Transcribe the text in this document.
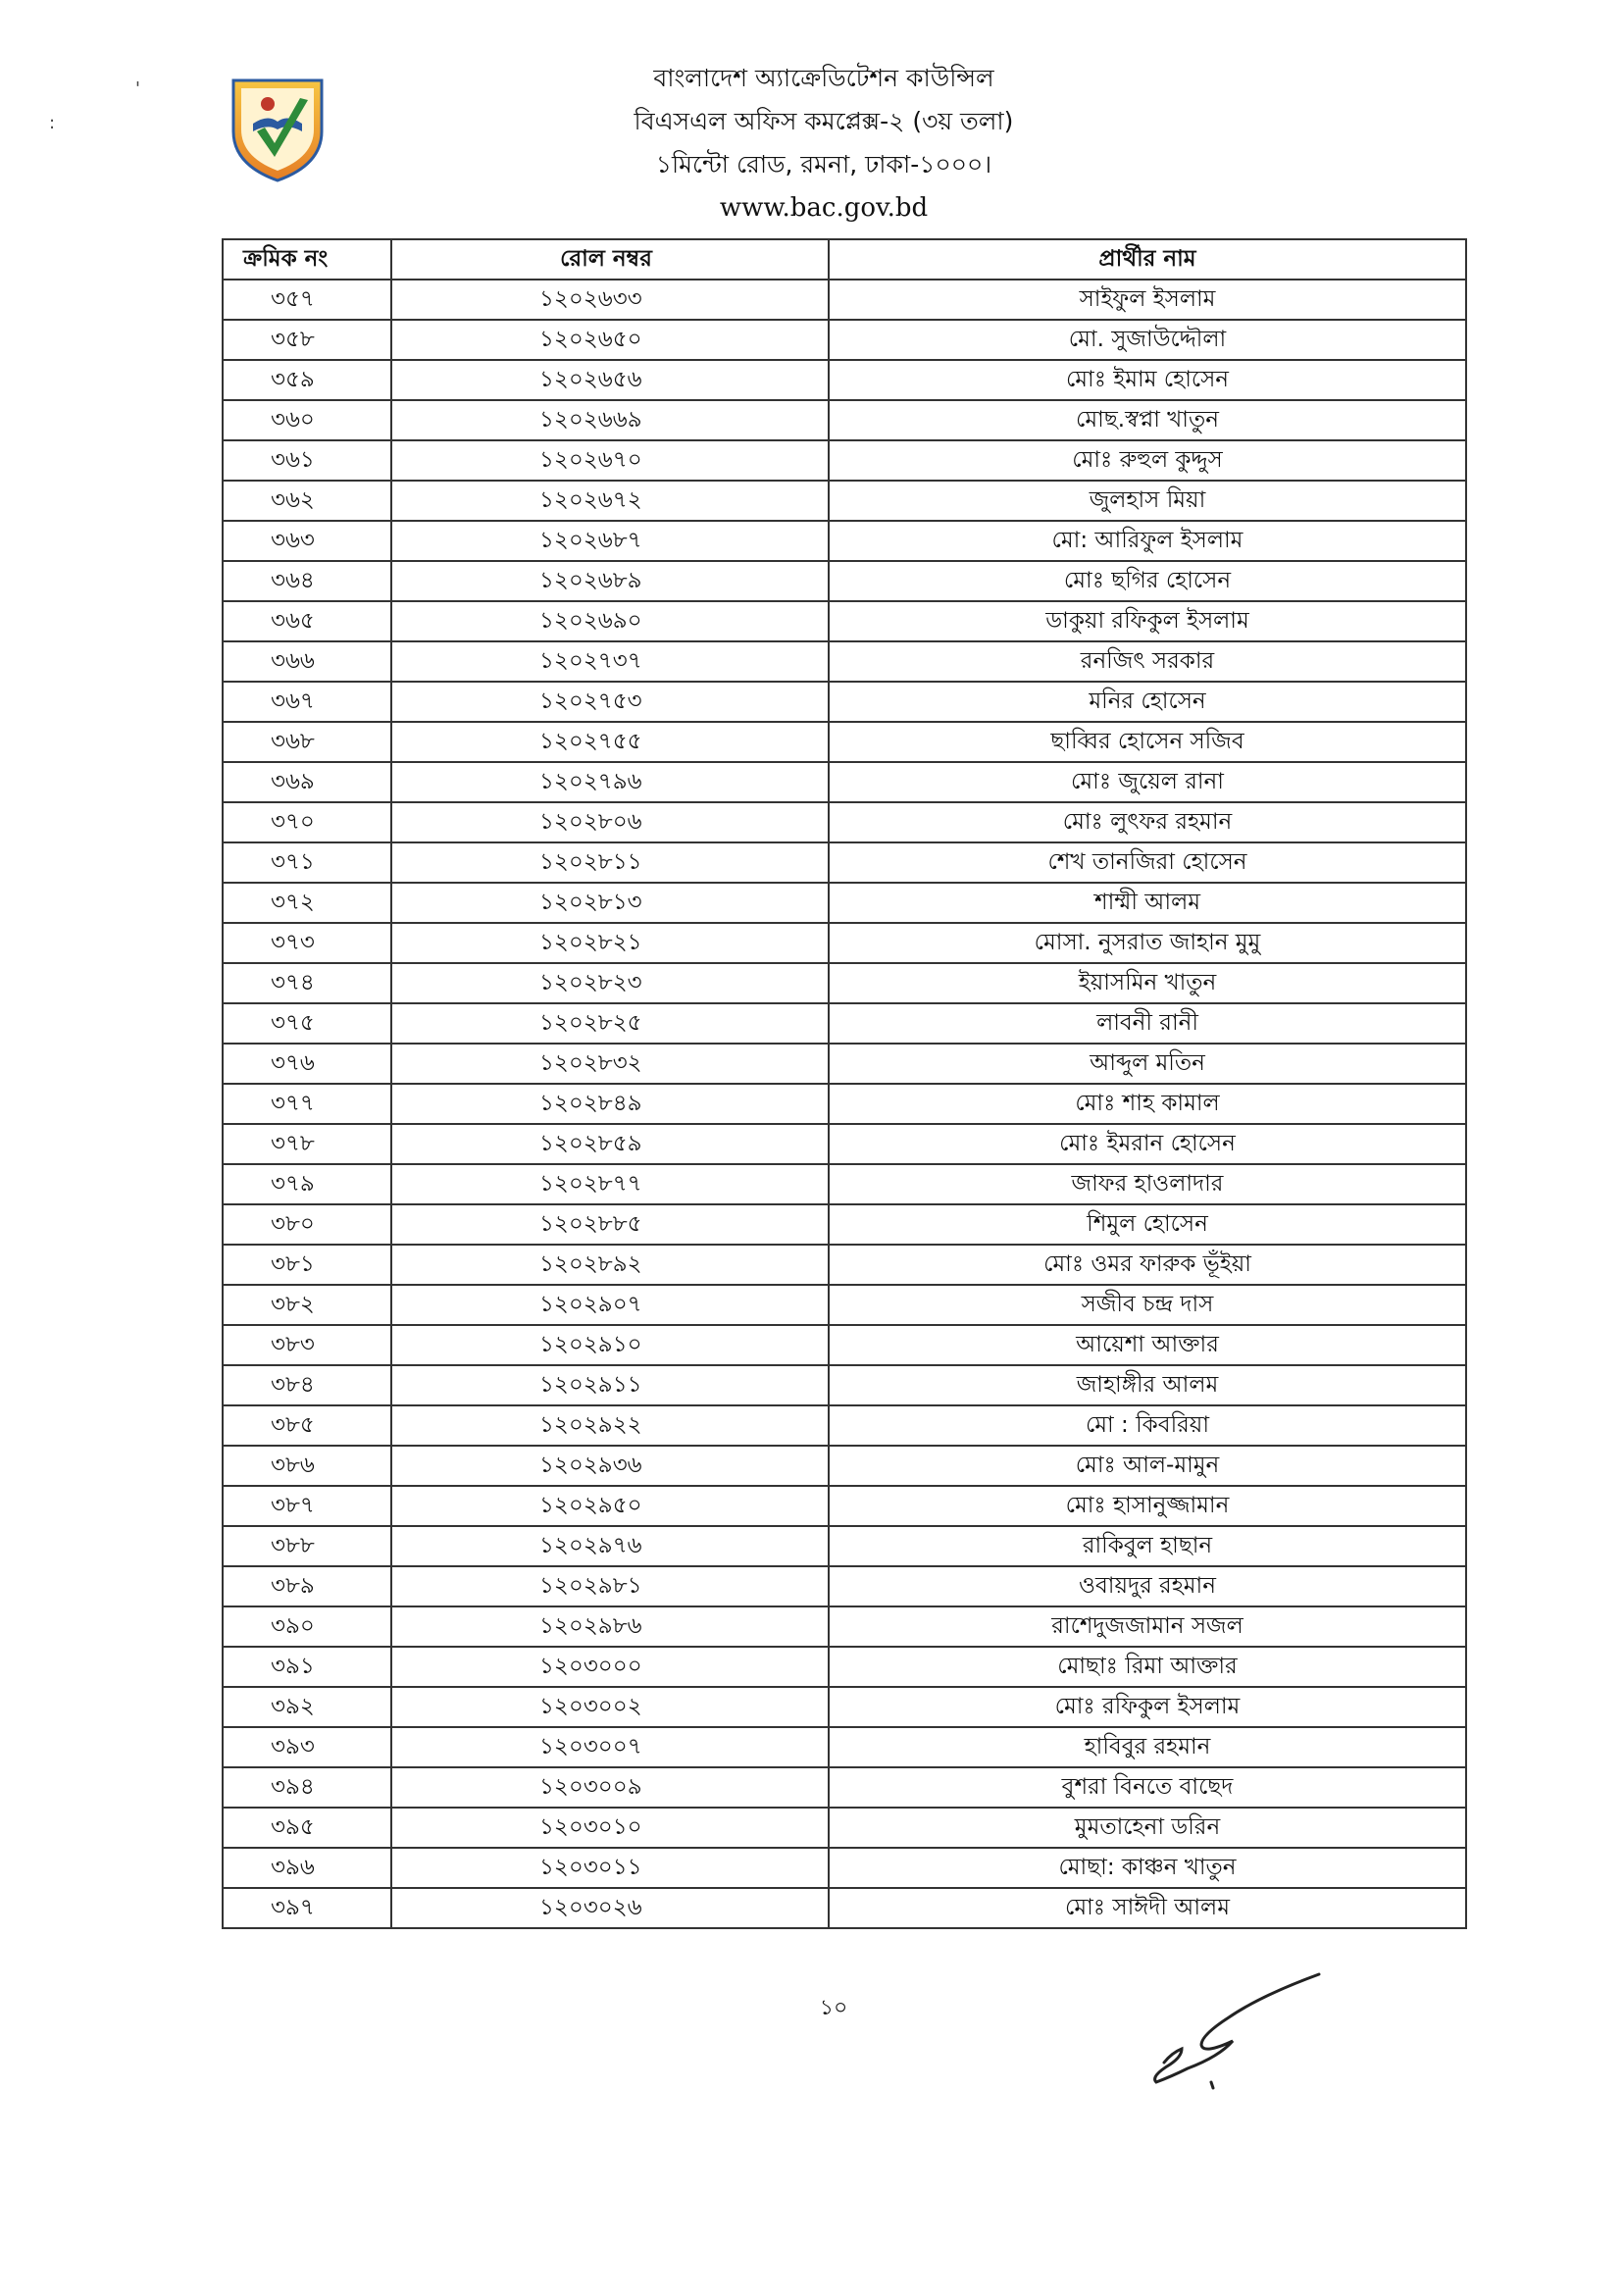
'
:
বাংলাদেশ অ্যাক্রেডিটেশন কাউন্সিল
বিএসএল অফিস কমপ্লেক্স-২ (৩য় তলা)
১মিন্টো রোড, রমনা, ঢাকা-১০০০।
www.bac.gov.bd
ক্রমিক নং	রোল নম্বর	প্রার্থীর নাম
৩৫৭	১২০২৬৩৩	সাইফুল ইসলাম
৩৫৮	১২০২৬৫০	মো. সুজাউদ্দৌলা
৩৫৯	১২০২৬৫৬	মোঃ ইমাম হোসেন
৩৬০	১২০২৬৬৯	মোছ.স্বপ্না খাতুন
৩৬১	১২০২৬৭০	মোঃ রুহুল কুদ্দুস
৩৬২	১২০২৬৭২	জুলহাস মিয়া
৩৬৩	১২০২৬৮৭	মো: আরিফুল ইসলাম
৩৬৪	১২০২৬৮৯	মোঃ ছগির হোসেন
৩৬৫	১২০২৬৯০	ডাকুয়া রফিকুল ইসলাম
৩৬৬	১২০২৭৩৭	রনজিৎ সরকার
৩৬৭	১২০২৭৫৩	মনির হোসেন
৩৬৮	১২০২৭৫৫	ছাব্বির হোসেন সজিব
৩৬৯	১২০২৭৯৬	মোঃ জুয়েল রানা
৩৭০	১২০২৮০৬	মোঃ লুৎফর রহমান
৩৭১	১২০২৮১১	শেখ তানজিরা হোসেন
৩৭২	১২০২৮১৩	শাম্মী আলম
৩৭৩	১২০২৮২১	মোসা. নুসরাত জাহান মুমু
৩৭৪	১২০২৮২৩	ইয়াসমিন খাতুন
৩৭৫	১২০২৮২৫	লাবনী রানী
৩৭৬	১২০২৮৩২	আব্দুল মতিন
৩৭৭	১২০২৮৪৯	মোঃ শাহ কামাল
৩৭৮	১২০২৮৫৯	মোঃ ইমরান হোসেন
৩৭৯	১২০২৮৭৭	জাফর হাওলাদার
৩৮০	১২০২৮৮৫	শিমুল হোসেন
৩৮১	১২০২৮৯২	মোঃ ওমর ফারুক ভূঁইয়া
৩৮২	১২০২৯০৭	সজীব চন্দ্র দাস
৩৮৩	১২০২৯১০	আয়েশা আক্তার
৩৮৪	১২০২৯১১	জাহাঙ্গীর আলম
৩৮৫	১২০২৯২২	মো : কিবরিয়া
৩৮৬	১২০২৯৩৬	মোঃ আল-মামুন
৩৮৭	১২০২৯৫০	মোঃ হাসানুজ্জামান
৩৮৮	১২০২৯৭৬	রাকিবুল হাছান
৩৮৯	১২০২৯৮১	ওবায়দুর রহমান
৩৯০	১২০২৯৮৬	রাশেদুজজামান সজল
৩৯১	১২০৩০০০	মোছাঃ রিমা আক্তার
৩৯২	১২০৩০০২	মোঃ রফিকুল ইসলাম
৩৯৩	১২০৩০০৭	হাবিবুর রহমান
৩৯৪	১২০৩০০৯	বুশরা বিনতে বাছেদ
৩৯৫	১২০৩০১০	মুমতাহেনা ডরিন
৩৯৬	১২০৩০১১	মোছা: কাঞ্চন খাতুন
৩৯৭	১২০৩০২৬	মোঃ সাঈদী আলম
১০
